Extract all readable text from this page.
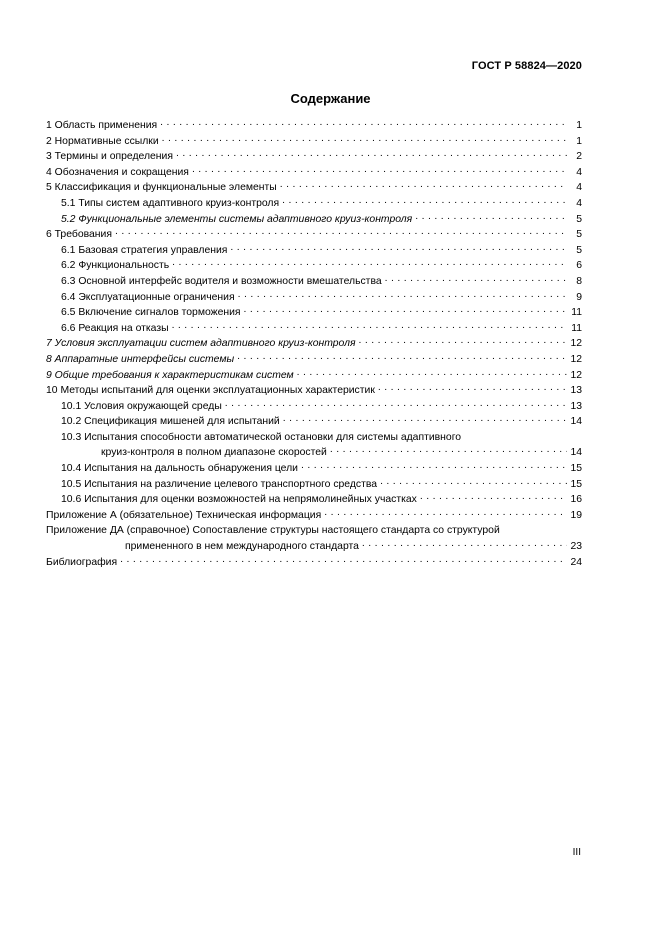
ГОСТ Р 58824—2020
Содержание
1 Область применения . . .	1
2 Нормативные ссылки . . .	1
3 Термины и определения . . .	2
4 Обозначения и сокращения . . .	4
5 Классификация и функциональные элементы . . .	4
5.1 Типы систем адаптивного круиз-контроля . . .	4
5.2 Функциональные элементы системы адаптивного круиз-контроля . . .	5
6 Требования . . .	5
6.1 Базовая стратегия управления . . .	5
6.2 Функциональность . . .	6
6.3 Основной интерфейс водителя и возможности вмешательства . . .	8
6.4 Эксплуатационные ограничения . . .	9
6.5 Включение сигналов торможения . . .	11
6.6 Реакция на отказы . . .	11
7 Условия эксплуатации систем адаптивного круиз-контроля . . .	12
8 Аппаратные интерфейсы системы . . .	12
9 Общие требования к характеристикам систем . . .	12
10 Методы испытаний для оценки эксплуатационных характеристик . . .	13
10.1 Условия окружающей среды . . .	13
10.2 Спецификация мишеней для испытаний . . .	14
10.3 Испытания способности автоматической остановки для системы адаптивного
круиз-контроля в полном диапазоне скоростей . . .	14
10.4 Испытания на дальность обнаружения цели . . .	15
10.5 Испытания на различение целевого транспортного средства . . .	15
10.6 Испытания для оценки возможностей на непрямолинейных участках . . .	16
Приложение А (обязательное) Техническая информация . . .	19
Приложение ДА (справочное) Сопоставление структуры настоящего стандарта со структурой
примененного в нем международного стандарта . . .	23
Библиография . . .	24
III
